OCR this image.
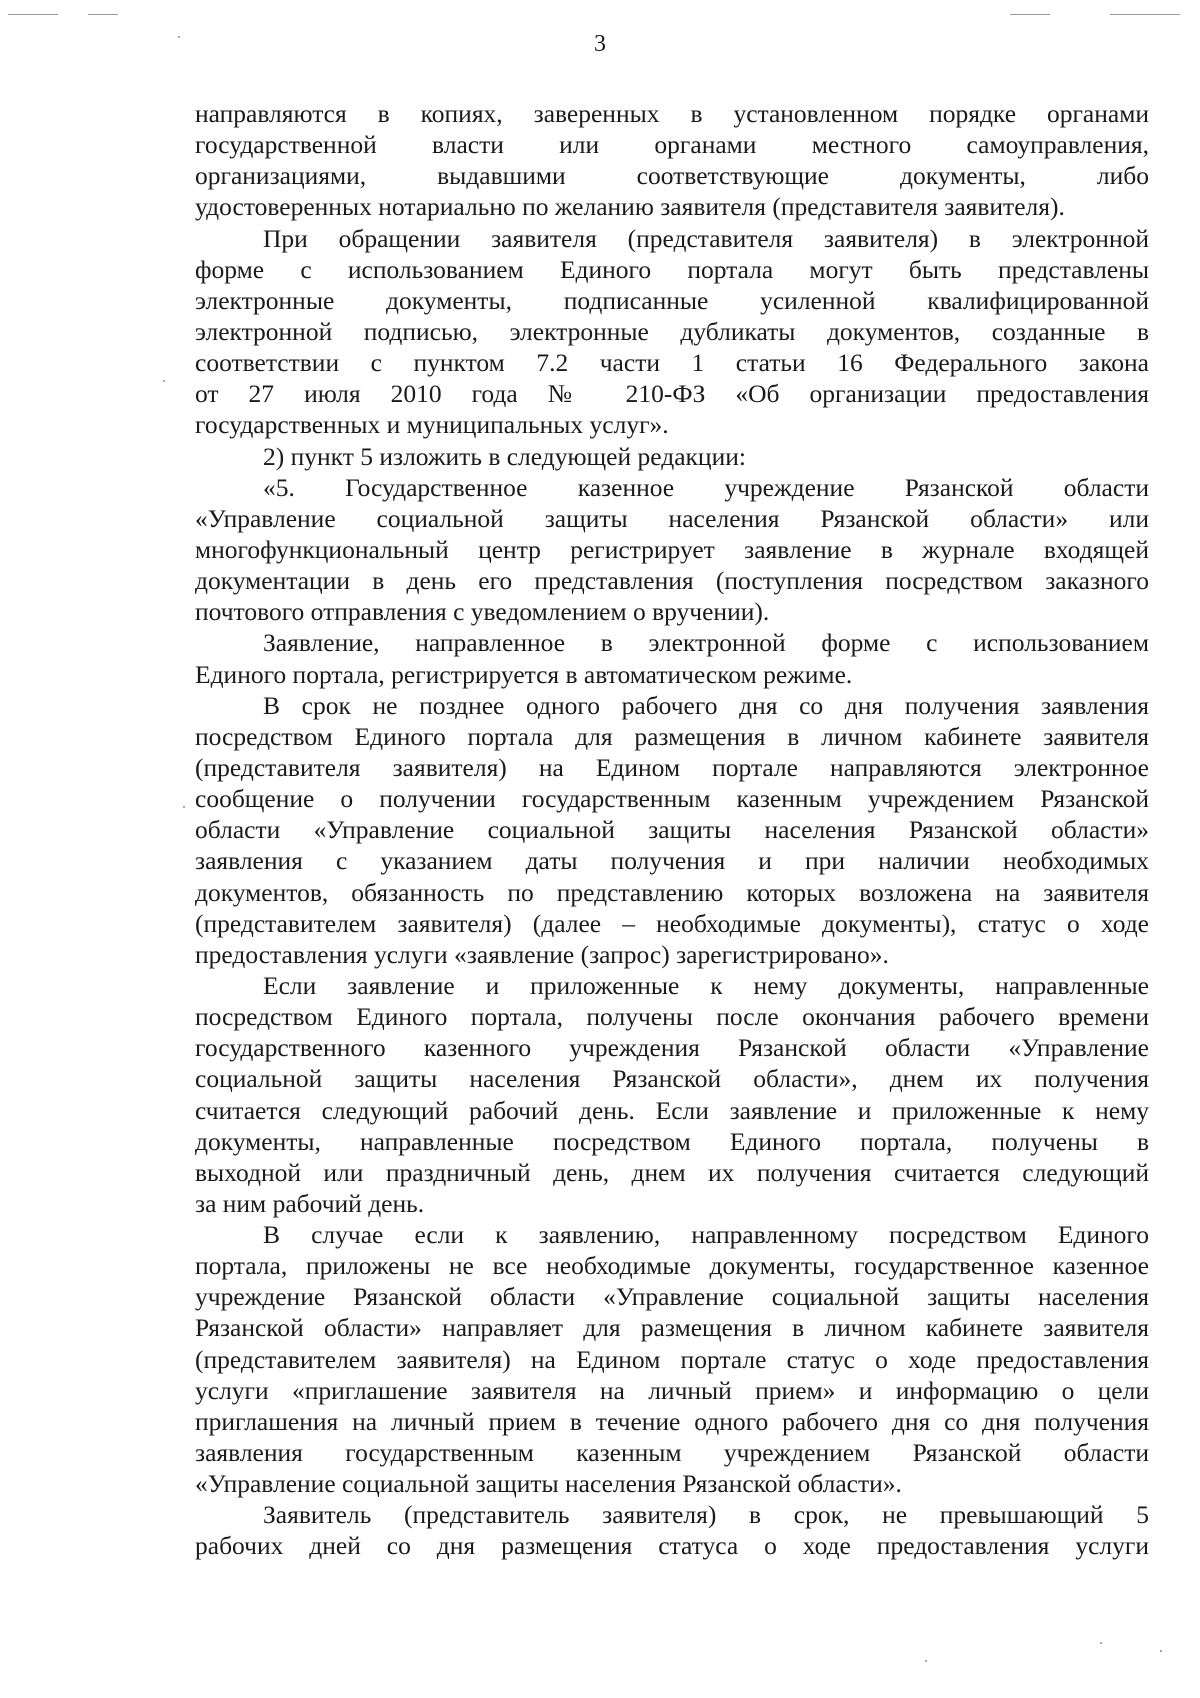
3
направляются в копиях, заверенных в установленном порядке органами
государственной власти или органами местного самоуправления,
организациями, выдавшими соответствующие документы, либо
удостоверенных нотариально по желанию заявителя (представителя заявителя).
При обращении заявителя (представителя заявителя) в электронной
форме с использованием Единого портала могут быть представлены
электронные документы, подписанные усиленной квалифицированной
электронной подписью, электронные дубликаты документов, созданные в
соответствии с пунктом 7.2 части 1 статьи 16 Федерального закона
от 27 июля 2010 года № 210-ФЗ «Об организации предоставления
государственных и муниципальных услуг».
2) пункт 5 изложить в следующей редакции:
«5. Государственное казенное учреждение Рязанской области
«Управление социальной защиты населения Рязанской области» или
многофункциональный центр регистрирует заявление в журнале входящей
документации в день его представления (поступления посредством заказного
почтового отправления с уведомлением о вручении).
Заявление, направленное в электронной форме с использованием
Единого портала, регистрируется в автоматическом режиме.
В срок не позднее одного рабочего дня со дня получения заявления
посредством Единого портала для размещения в личном кабинете заявителя
(представителя заявителя) на Едином портале направляются электронное
сообщение о получении государственным казенным учреждением Рязанской
области «Управление социальной защиты населения Рязанской области»
заявления с указанием даты получения и при наличии необходимых
документов, обязанность по представлению которых возложена на заявителя
(представителем заявителя) (далее – необходимые документы), статус о ходе
предоставления услуги «заявление (запрос) зарегистрировано».
Если заявление и приложенные к нему документы, направленные
посредством Единого портала, получены после окончания рабочего времени
государственного казенного учреждения Рязанской области «Управление
социальной защиты населения Рязанской области», днем их получения
считается следующий рабочий день. Если заявление и приложенные к нему
документы, направленные посредством Единого портала, получены в
выходной или праздничный день, днем их получения считается следующий
за ним рабочий день.
В случае если к заявлению, направленному посредством Единого
портала, приложены не все необходимые документы, государственное казенное
учреждение Рязанской области «Управление социальной защиты населения
Рязанской области» направляет для размещения в личном кабинете заявителя
(представителем заявителя) на Едином портале статус о ходе предоставления
услуги «приглашение заявителя на личный прием» и информацию о цели
приглашения на личный прием в течение одного рабочего дня со дня получения
заявления государственным казенным учреждением Рязанской области
«Управление социальной защиты населения Рязанской области».
Заявитель (представитель заявителя) в срок, не превышающий 5
рабочих дней со дня размещения статуса о ходе предоставления услуги
